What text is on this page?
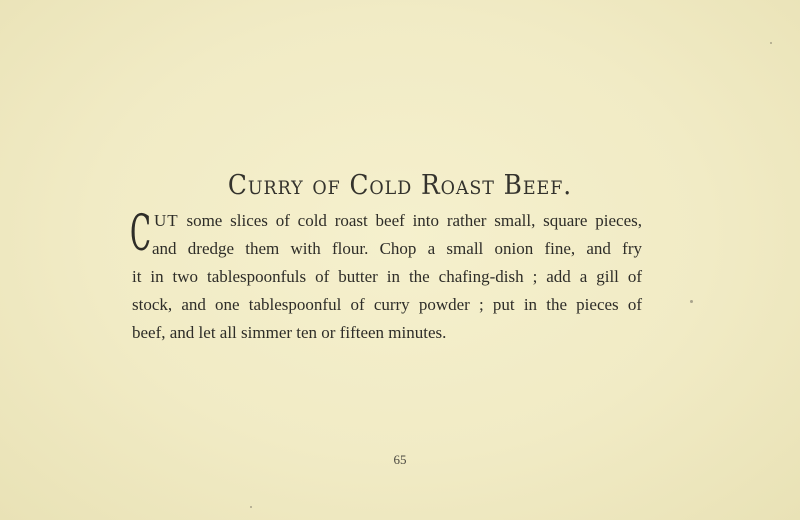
Curry of Cold Roast Beef.
C UT some slices of cold roast beef into rather small, square pieces,
and dredge them with flour. Chop a small onion fine, and fry
it in two tablespoonfuls of butter in the chafing-dish ; add a gill of
stock, and one tablespoonful of curry powder ; put in the pieces of
beef, and let all simmer ten or fifteen minutes.
65
